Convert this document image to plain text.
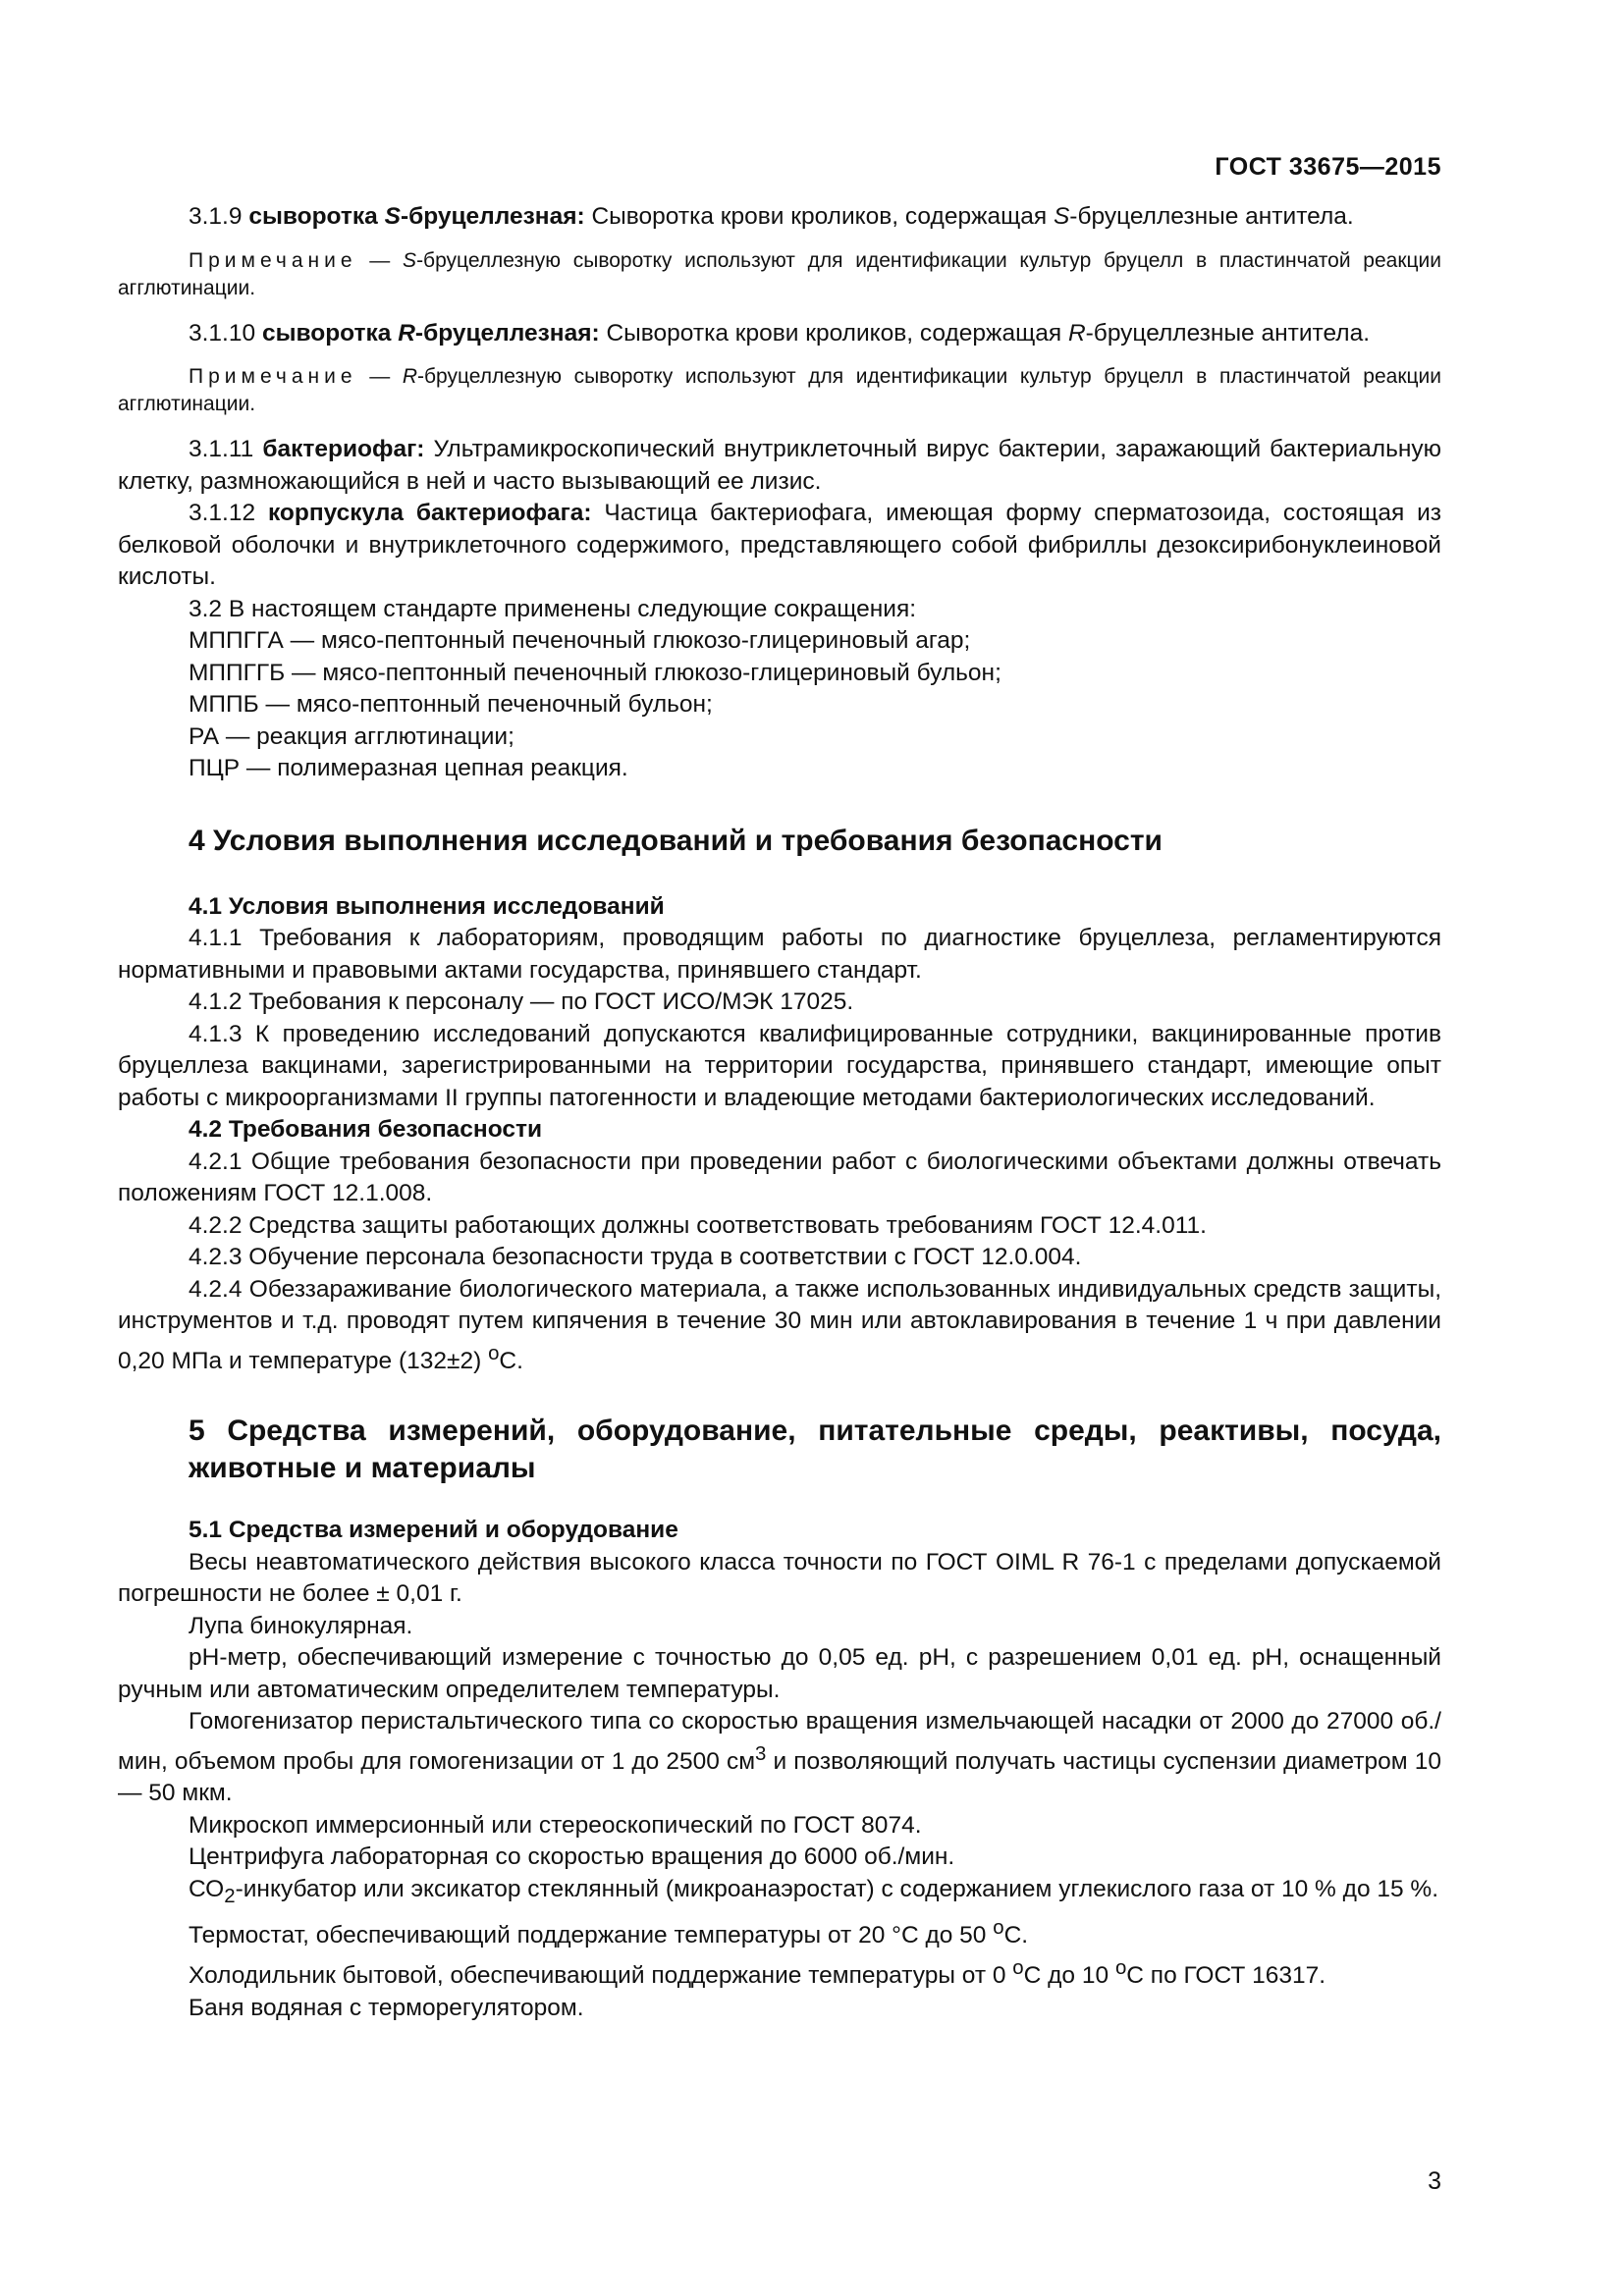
ГОСТ 33675—2015

3.1.9 сыворотка S-бруцеллезная: Сыворотка крови кроликов, содержащая S-бруцеллезные антитела.

Примечание — S-бруцеллезную сыворотку используют для идентификации культур бруцелл в пластинчатой реакции агглютинации.

3.1.10 сыворотка R-бруцеллезная: Сыворотка крови кроликов, содержащая R-бруцеллезные антитела.

Примечание — R-бруцеллезную сыворотку используют для идентификации культур бруцелл в пластинчатой реакции агглютинации.

3.1.11 бактериофаг: Ультрамикроскопический внутриклеточный вирус бактерии, заражающий бактериальную клетку, размножающийся в ней и часто вызывающий ее лизис.

3.1.12 корпускула бактериофага: Частица бактериофага, имеющая форму сперматозоида, состоящая из белковой оболочки и внутриклеточного содержимого, представляющего собой фибриллы дезоксирибонуклеиновой кислоты.

3.2 В настоящем стандарте применены следующие сокращения:

МППГГА — мясо-пептонный печеночный глюкозо-глицериновый агар;

МППГГБ — мясо-пептонный печеночный глюкозо-глицериновый бульон;

МППБ — мясо-пептонный печеночный бульон;

РА — реакция агглютинации;

ПЦР — полимеразная цепная реакция.

4 Условия выполнения исследований и требования безопасности

4.1 Условия выполнения исследований

4.1.1 Требования к лабораториям, проводящим работы по диагностике бруцеллеза, регламентируются нормативными и правовыми актами государства, принявшего стандарт.

4.1.2 Требования к персоналу — по ГОСТ ИСО/МЭК 17025.

4.1.3 К проведению исследований допускаются квалифицированные сотрудники, вакцинированные против бруцеллеза вакцинами, зарегистрированными на территории государства, принявшего стандарт, имеющие опыт работы с микроорганизмами II группы патогенности и владеющие методами бактериологических исследований.

4.2 Требования безопасности

4.2.1 Общие требования безопасности при проведении работ с биологическими объектами должны отвечать положениям ГОСТ 12.1.008.

4.2.2 Средства защиты работающих должны соответствовать требованиям ГОСТ 12.4.011.

4.2.3 Обучение персонала безопасности труда в соответствии с ГОСТ 12.0.004.

4.2.4 Обеззараживание биологического материала, а также использованных индивидуальных средств защиты, инструментов и т.д. проводят путем кипячения в течение 30 мин или автоклавирования в течение 1 ч при давлении 0,20 МПа и температуре (132±2) $^о$С.

5 Средства измерений, оборудование, питательные среды, реактивы, посуда, животные и материалы

5.1 Средства измерений и оборудование

Весы неавтоматического действия высокого класса точности по ГОСТ OIML R 76-1 с пределами допускаемой погрешности не более ± 0,01 г.

Лупа бинокулярная.

рН-метр, обеспечивающий измерение с точностью до 0,05 ед. рН, с разрешением 0,01 ед. рН, оснащенный ручным или автоматическим определителем температуры.

Гомогенизатор перистальтического типа со скоростью вращения измельчающей насадки от 2000 до 27000 об./мин, объемом пробы для гомогенизации от 1 до 2500 $см^3$ и позволяющий получать частицы суспензии диаметром 10 — 50 мкм.

Микроскоп иммерсионный или стереоскопический по ГОСТ 8074.

Центрифуга лабораторная со скоростью вращения до 6000 об./мин.

$СО_2$-инкубатор или эксикатор стеклянный (микроанаэростат) с содержанием углекислого газа от 10 % до 15 %.

Термостат, обеспечивающий поддержание температуры от 20 °С до 50 $^о$С.

Холодильник бытовой, обеспечивающий поддержание температуры от 0 $^о$С до 10 $^о$С по ГОСТ 16317.

Баня водяная с терморегулятором.

3
